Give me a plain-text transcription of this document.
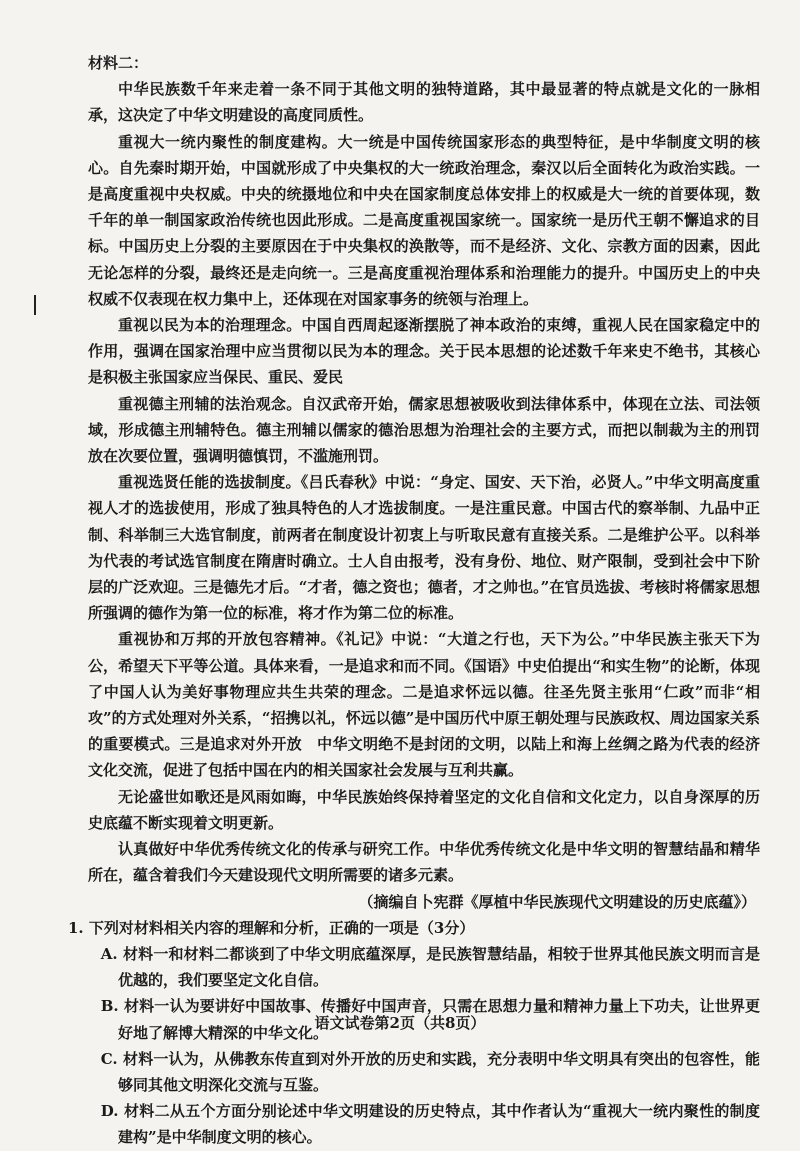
材料二：

中华民族数千年来走着一条不同于其他文明的独特道路，其中最显著的特点就是文化的一脉相承，这决定了中华文明建设的高度同质性。

重视大一统内聚性的制度建构。大一统是中国传统国家形态的典型特征，是中华制度文明的核心。自先秦时期开始，中国就形成了中央集权的大一统政治理念，秦汉以后全面转化为政治实践。一是高度重视中央权威。中央的统摄地位和中央在国家制度总体安排上的权威是大一统的首要体现，数千年的单一制国家政治传统也因此形成。二是高度重视国家统一。国家统一是历代王朝不懈追求的目标。中国历史上分裂的主要原因在于中央集权的涣散等，而不是经济、文化、宗教方面的因素，因此无论怎样的分裂，最终还是走向统一。三是高度重视治理体系和治理能力的提升。中国历史上的中央权威不仅表现在权力集中上，还体现在对国家事务的统领与治理上。

重视以民为本的治理理念。中国自西周起逐渐摆脱了神本政治的束缚，重视人民在国家稳定中的作用，强调在国家治理中应当贯彻以民为本的理念。关于民本思想的论述数千年来史不绝书，其核心是积极主张国家应当保民、重民、爱民

重视德主刑辅的法治观念。自汉武帝开始，儒家思想被吸收到法律体系中，体现在立法、司法领域，形成德主刑辅特色。德主刑辅以儒家的德治思想为治理社会的主要方式，而把以制裁为主的刑罚放在次要位置，强调明德慎罚，不滥施刑罚。

重视选贤任能的选拔制度。《吕氏春秋》中说：“身定、国安、天下治，必贤人。”中华文明高度重视人才的选拔使用，形成了独具特色的人才选拔制度。一是注重民意。中国古代的察举制、九品中正制、科举制三大选官制度，前两者在制度设计初衷上与听取民意有直接关系。二是维护公平。以科举为代表的考试选官制度在隋唐时确立。士人自由报考，没有身份、地位、财产限制，受到社会中下阶层的广泛欢迎。三是德先才后。“才者，德之资也；德者，才之帅也。”在官员选拔、考核时将儒家思想所强调的德作为第一位的标准，将才作为第二位的标准。

重视协和万邦的开放包容精神。《礼记》中说：“大道之行也，天下为公。”中华民族主张天下为公，希望天下平等公道。具体来看，一是追求和而不同。《国语》中史伯提出“和实生物”的论断，体现了中国人认为美好事物理应共生共荣的理念。二是追求怀远以德。往圣先贤主张用“仁政”而非“相攻”的方式处理对外关系，“招携以礼，怀远以德”是中国历代中原王朝处理与民族政权、周边国家关系的重要模式。三是追求对外开放　中华文明绝不是封闭的文明，以陆上和海上丝绸之路为代表的经济文化交流，促进了包括中国在内的相关国家社会发展与互利共赢。

无论盛世如歌还是风雨如晦，中华民族始终保持着坚定的文化自信和文化定力，以自身深厚的历史底蕴不断实现着文明更新。

认真做好中华优秀传统文化的传承与研究工作。中华优秀传统文化是中华文明的智慧结晶和精华所在，蕴含着我们今天建设现代文明所需要的诸多元素。

（摘编自卜宪群《厚植中华民族现代文明建设的历史底蕴》）

1. 下列对材料相关内容的理解和分析，正确的一项是（3分）

A. 材料一和材料二都谈到了中华文明底蕴深厚，是民族智慧结晶，相较于世界其他民族文明而言是优越的，我们要坚定文化自信。

B. 材料一认为要讲好中国故事、传播好中国声音，只需在思想力量和精神力量上下功夫，让世界更好地了解博大精深的中华文化。

C. 材料一认为，从佛教东传直到对外开放的历史和实践，充分表明中华文明具有突出的包容性，能够同其他文明深化交流与互鉴。

D. 材料二从五个方面分别论述中华文明建设的历史特点，其中作者认为“重视大一统内聚性的制度建构”是中华制度文明的核心。

语文试卷第2页（共8页）
